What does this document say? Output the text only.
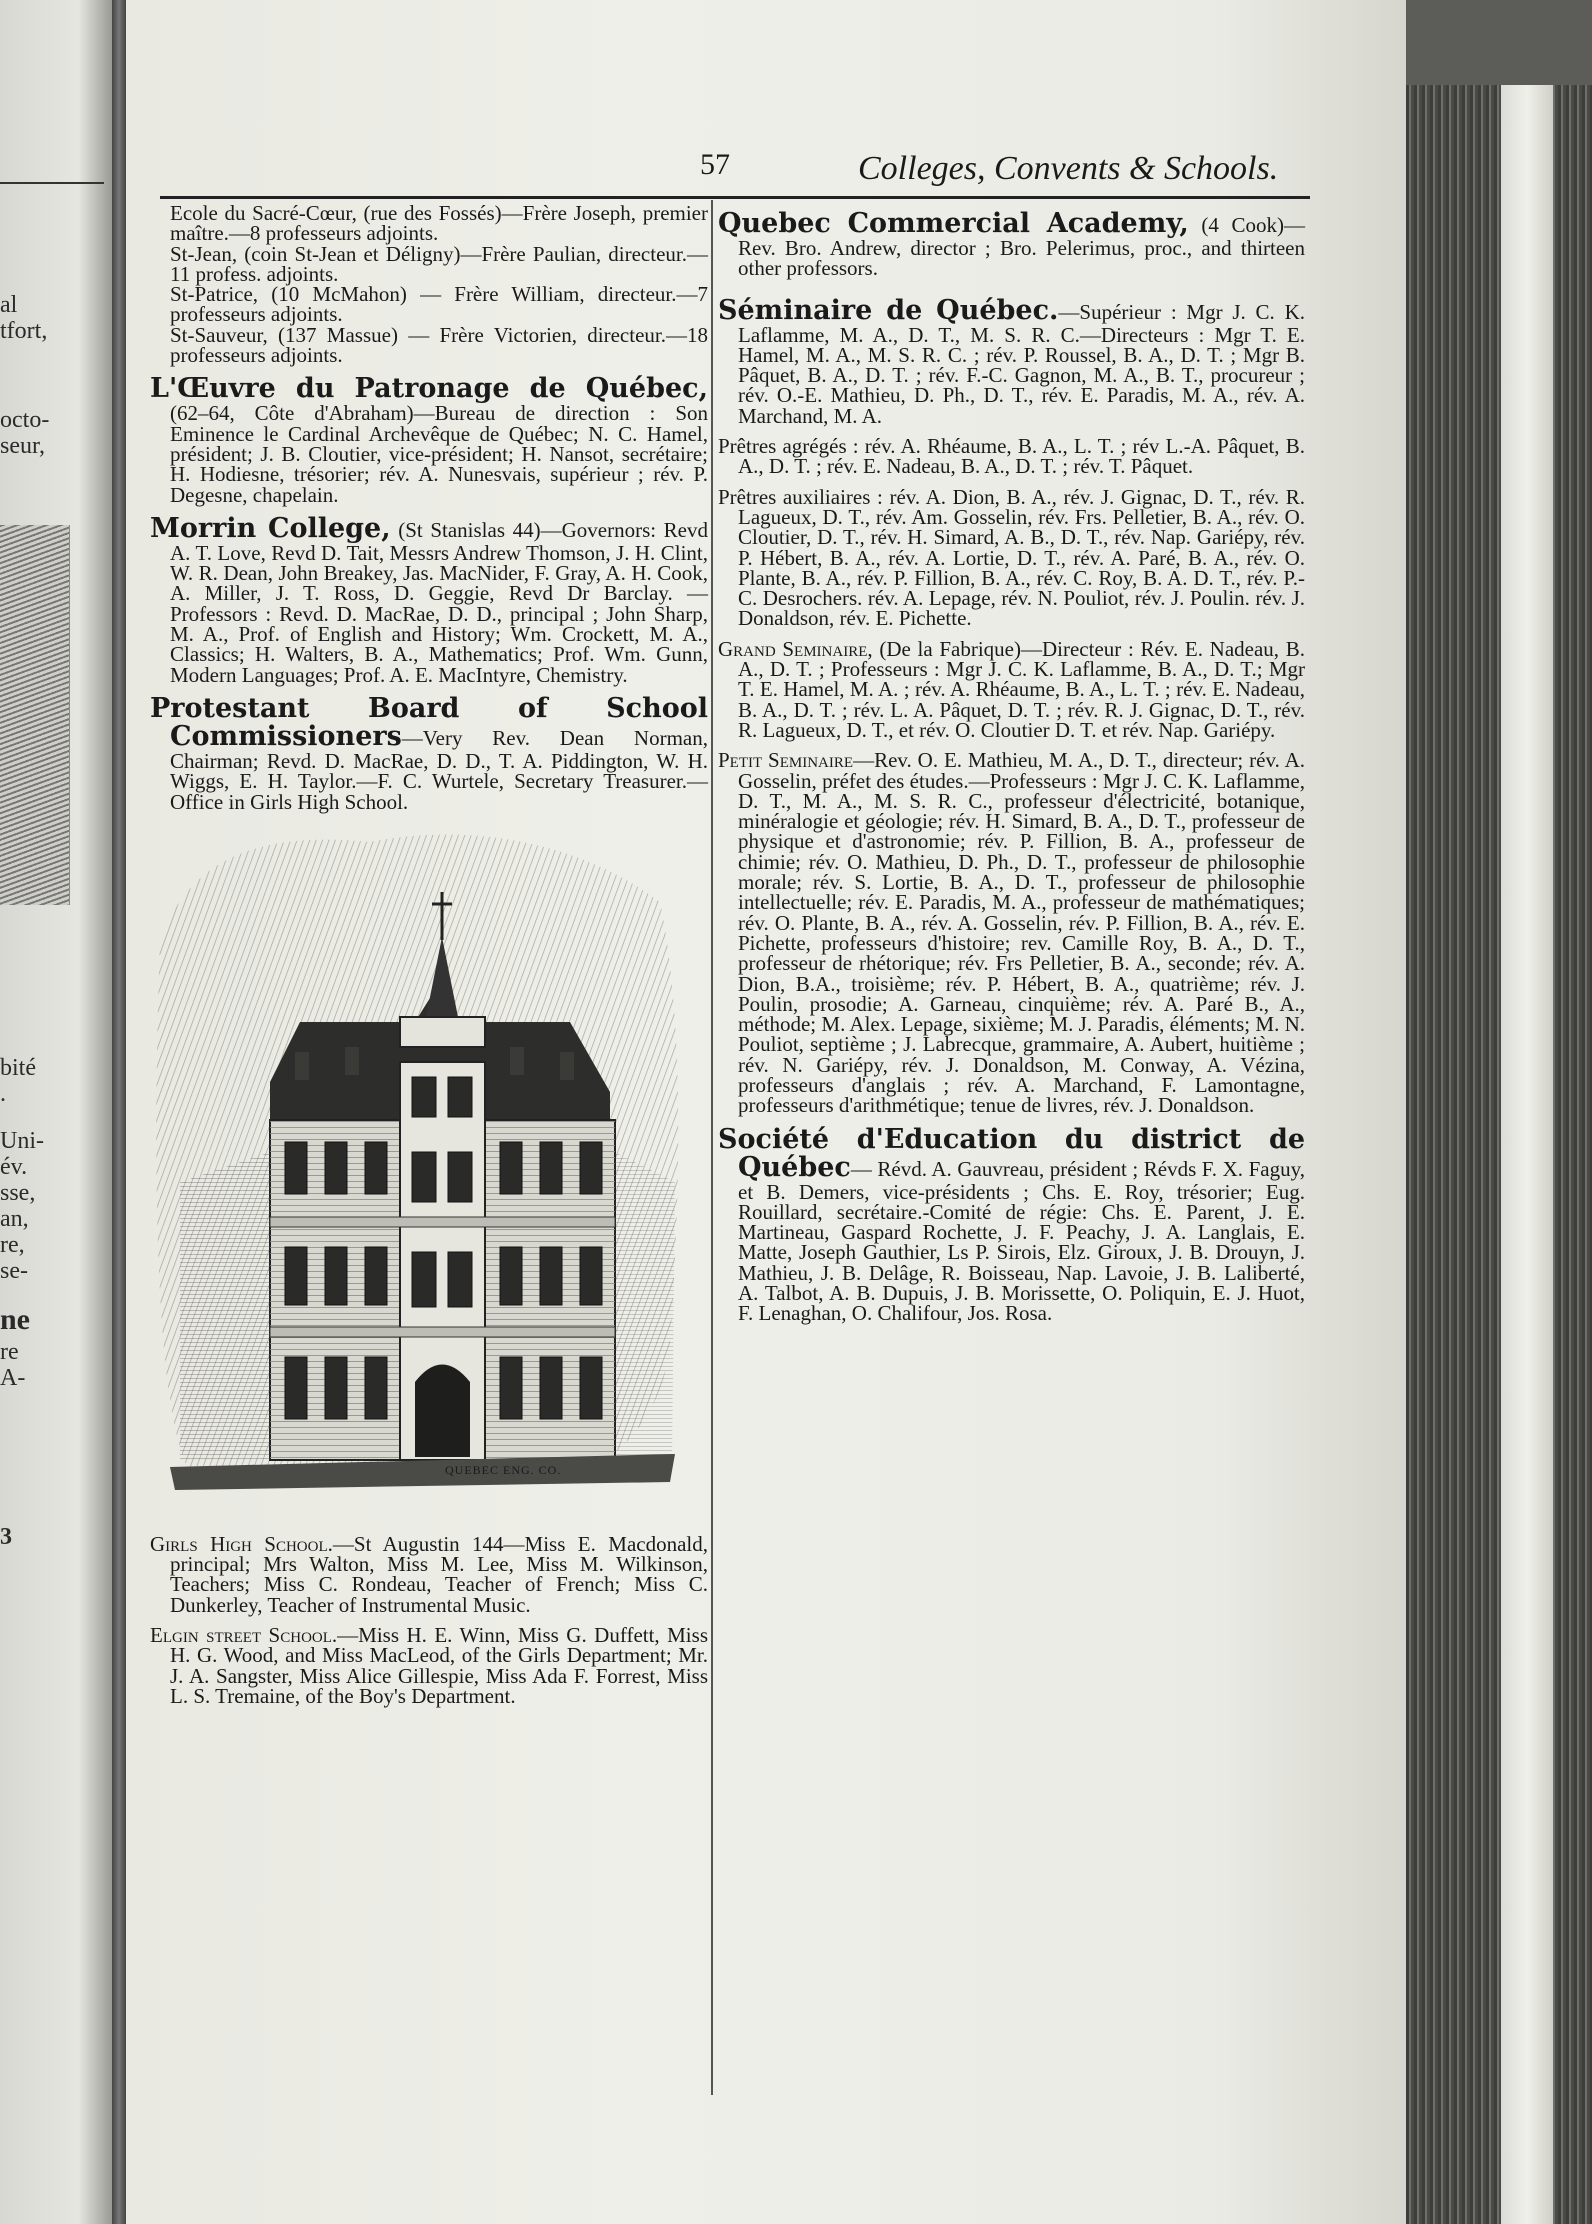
al
tfort,
octo-
seur,
bité
.
Uni-
év.
sse,
an,
re,
se-
ne
re
A-
3
57	Colleges, Convents & Schools.

Ecole du Sacré-Cœur, (rue des Fossés)—Frère Joseph, premier maître.—8 professeurs adjoints.

St-Jean, (coin St-Jean et Déligny)—Frère Paulian, directeur.—11 profess. adjoints.

St-Patrice, (10 McMahon) — Frère William, directeur.—7 professeurs adjoints.

St-Sauveur, (137 Massue) — Frère Victorien, directeur.—18 professeurs adjoints.

L'Œuvre du Patronage de Québec, (62–64, Côte d'Abraham)—Bureau de direction : Son Eminence le Cardinal Archevêque de Québec; N. C. Hamel, président; J. B. Cloutier, vice-président; H. Nansot, secrétaire; H. Hodiesne, trésorier; rév. A. Nunesvais, supérieur ; rév. P. Degesne, chapelain.
Morrin College, (St Stanislas 44)—Governors: Revd A. T. Love, Revd D. Tait, Messrs Andrew Thomson, J. H. Clint, W. R. Dean, John Breakey, Jas. MacNider, F. Gray, A. H. Cook, A. Miller, J. T. Ross, D. Geggie, Revd Dr Barclay. — Professors : Revd. D. MacRae, D. D., principal ; John Sharp, M. A., Prof. of English and History; Wm. Crockett, M. A., Classics; H. Walters, B. A., Mathematics; Prof. Wm. Gunn, Modern Languages; Prof. A. E. MacIntyre, Chemistry.
Protestant Board of School Commissioners—Very Rev. Dean Norman, Chairman; Revd. D. MacRae, D. D., T. A. Piddington, W. H. Wiggs, E. H. Taylor.—F. C. Wurtele, Secretary Treasurer.—Office in Girls High School.
QUEBEC ENG. CO.
Girls High School.—St Augustin 144—Miss E. Macdonald, principal; Mrs Walton, Miss M. Lee, Miss M. Wilkinson, Teachers; Miss C. Rondeau, Teacher of French; Miss C. Dunkerley, Teacher of Instrumental Music.
Elgin street School.—Miss H. E. Winn, Miss G. Duffett, Miss H. G. Wood, and Miss MacLeod, of the Girls Department; Mr. J. A. Sangster, Miss Alice Gillespie, Miss Ada F. Forrest, Miss L. S. Tremaine, of the Boy's Department.
Quebec Commercial Academy, (4 Cook)—Rev. Bro. Andrew, director ; Bro. Pelerimus, proc., and thirteen other professors.
Séminaire de Québec.—Supérieur : Mgr J. C. K. Laflamme, M. A., D. T., M. S. R. C.—Directeurs : Mgr T. E. Hamel, M. A., M. S. R. C. ; rév. P. Roussel, B. A., D. T. ; Mgr B. Pâquet, B. A., D. T. ; rév. F.-C. Gagnon, M. A., B. T., procureur ; rév. O.-E. Mathieu, D. Ph., D. T., rév. E. Paradis, M. A., rév. A. Marchand, M. A.
Prêtres agrégés : rév. A. Rhéaume, B. A., L. T. ; rév L.-A. Pâquet, B. A., D. T. ; rév. E. Nadeau, B. A., D. T. ; rév. T. Pâquet.
Prêtres auxiliaires : rév. A. Dion, B. A., rév. J. Gignac, D. T., rév. R. Lagueux, D. T., rév. Am. Gosselin, rév. Frs. Pelletier, B. A., rév. O. Cloutier, D. T., rév. H. Simard, A. B., D. T., rév. Nap. Gariépy, rév. P. Hébert, B. A., rév. A. Lortie, D. T., rév. A. Paré, B. A., rév. O. Plante, B. A., rév. P. Fillion, B. A., rév. C. Roy, B. A. D. T., rév. P.-C. Desrochers. rév. A. Lepage, rév. N. Pouliot, rév. J. Poulin. rév. J. Donaldson, rév. E. Pichette.
Grand Seminaire, (De la Fabrique)—Directeur : Rév. E. Nadeau, B. A., D. T. ; Professeurs : Mgr J. C. K. Laflamme, B. A., D. T.; Mgr T. E. Hamel, M. A. ; rév. A. Rhéaume, B. A., L. T. ; rév. E. Nadeau, B. A., D. T. ; rév. L. A. Pâquet, D. T. ; rév. R. J. Gignac, D. T., rév. R. Lagueux, D. T., et rév. O. Cloutier D. T. et rév. Nap. Gariépy.
Petit Seminaire—Rev. O. E. Mathieu, M. A., D. T., directeur; rév. A. Gosselin, préfet des études.—Professeurs : Mgr J. C. K. Laflamme, D. T., M. A., M. S. R. C., professeur d'électricité, botanique, minéralogie et géologie; rév. H. Simard, B. A., D. T., professeur de physique et d'astronomie; rév. P. Fillion, B. A., professeur de chimie; rév. O. Mathieu, D. Ph., D. T., professeur de philosophie morale; rév. S. Lortie, B. A., D. T., professeur de philosophie intellectuelle; rév. E. Paradis, M. A., professeur de mathématiques; rév. O. Plante, B. A., rév. A. Gosselin, rév. P. Fillion, B. A., rév. E. Pichette, professeurs d'histoire; rev. Camille Roy, B. A., D. T., professeur de rhétorique; rév. Frs Pelletier, B. A., seconde; rév. A. Dion, B.A., troisième; rév. P. Hébert, B. A., quatrième; rév. J. Poulin, prosodie; A. Garneau, cinquième; rév. A. Paré B., A., méthode; M. Alex. Lepage, sixième; M. J. Paradis, éléments; M. N. Pouliot, septième ; J. Labrecque, grammaire, A. Aubert, huitième ; rév. N. Gariépy, rév. J. Donaldson, M. Conway, A. Vézina, professeurs d'anglais ; rév. A. Marchand, F. Lamontagne, professeurs d'arithmétique; tenue de livres, rév. J. Donaldson.
Société d'Education du district de Québec— Révd. A. Gauvreau, président ; Révds F. X. Faguy, et B. Demers, vice-présidents ; Chs. E. Roy, trésorier; Eug. Rouillard, secrétaire.-Comité de régie: Chs. E. Parent, J. E. Martineau, Gaspard Rochette, J. F. Peachy, J. A. Langlais, E. Matte, Joseph Gauthier, Ls P. Sirois, Elz. Giroux, J. B. Drouyn, J. Mathieu, J. B. Delâge, R. Boisseau, Nap. Lavoie, J. B. Laliberté, A. Talbot, A. B. Dupuis, J. B. Morissette, O. Poliquin, E. J. Huot, F. Lenaghan, O. Chalifour, Jos. Rosa.
